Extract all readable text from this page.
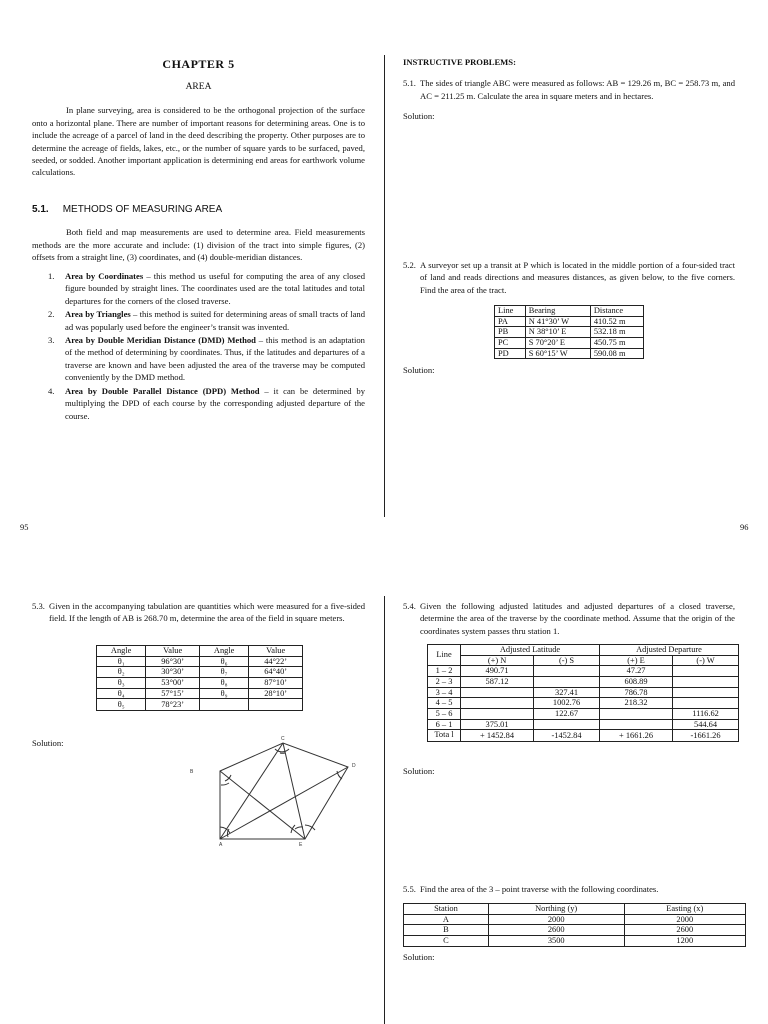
CHAPTER 5
AREA

In plane surveying, area is considered to be the orthogonal projection of the surface onto a horizontal plane. There are number of important reasons for determining areas. One is to include the acreage of a parcel of land in the deed describing the property. Other purposes are to determine the acreage of fields, lakes, etc., or the number of square yards to be surfaced, paved, seeded, or sodded. Another important application is determining end areas for earthwork volume calculations.

5.1. METHODS OF MEASURING AREA

Both field and map measurements are used to determine area. Field measurements methods are the more accurate and include: (1) division of the tract into simple figures, (2) offsets from a straight line, (3) coordinates, and (4) double-meridian distances.

1. Area by Coordinates – this method us useful for computing the area of any closed figure bounded by straight lines. The coordinates used are the total latitudes and total departures for the corners of the closed traverse.
2. Area by Triangles – this method is suited for determining areas of small tracts of land ad was popularly used before the engineer’s transit was invented.
3. Area by Double Meridian Distance (DMD) Method – this method is an adaptation of the method of determining by coordinates. Thus, if the latitudes and departures of a traverse are known and have been adjusted the area of the traverse may be computed conveniently by the DMD method.
4. Area by Double Parallel Distance (DPD) Method – it can be determined by multiplying the DPD of each course by the corresponding adjusted departure of the course.
95
INSTRUCTIVE PROBLEMS:
5.1. The sides of triangle ABC were measured as follows: AB = 129.26 m, BC = 258.73 m, and AC = 211.25 m. Calculate the area in square meters and in hectares.
Solution:
5.2. A surveyor set up a transit at P which is located in the middle portion of a four-sided tract of land and reads directions and measures distances, as given below, to the five corners. Find the area of the tract.
Line	Bearing	Distance
PA	N 41°30’ W	410.52 m
PB	N 38°10’ E	532.18 m
PC	S 70°20’ E	450.75 m
PD	S 60°15’ W	590.08 m
Solution:
96
5.3. Given in the accompanying tabulation are quantities which were measured for a five-sided field. If the length of AB is 268.70 m, determine the area of the field in square meters.
Angle	Value	Angle	Value
θ₁	96°30’	θ₆	44°22’
θ₂	30°30’	θ₇	64°40’
θ₃	53°00’	θ₈	87°10’
θ₄	57°15’	θ₉	28°10’
θ₅	78°23’		
Solution:
A
B
C
D
E
5.4. Given the following adjusted latitudes and adjusted departures of a closed traverse, determine the area of the traverse by the coordinate method. Assume that the origin of the coordinates system passes thru station 1.
Line	Adjusted Latitude		Adjusted Departure	
	(+) N	(-) S	(+) E	(-) W
1 – 2	490.71		47.27	
2 – 3	587.12		608.89	
3 – 4		327.41	786.78	
4 – 5		1002.76	218.32	
5 – 6		122.67		1116.62
6 – 1	375.01			544.64
Tota l	+ 1452.84	-1452.84	+ 1661.26	-1661.26
Solution:
5.5. Find the area of the 3 – point traverse with the following coordinates.
Station	Northing (y)	Easting (x)
A	2000	2000
B	2600	2600
C	3500	1200
Solution:
